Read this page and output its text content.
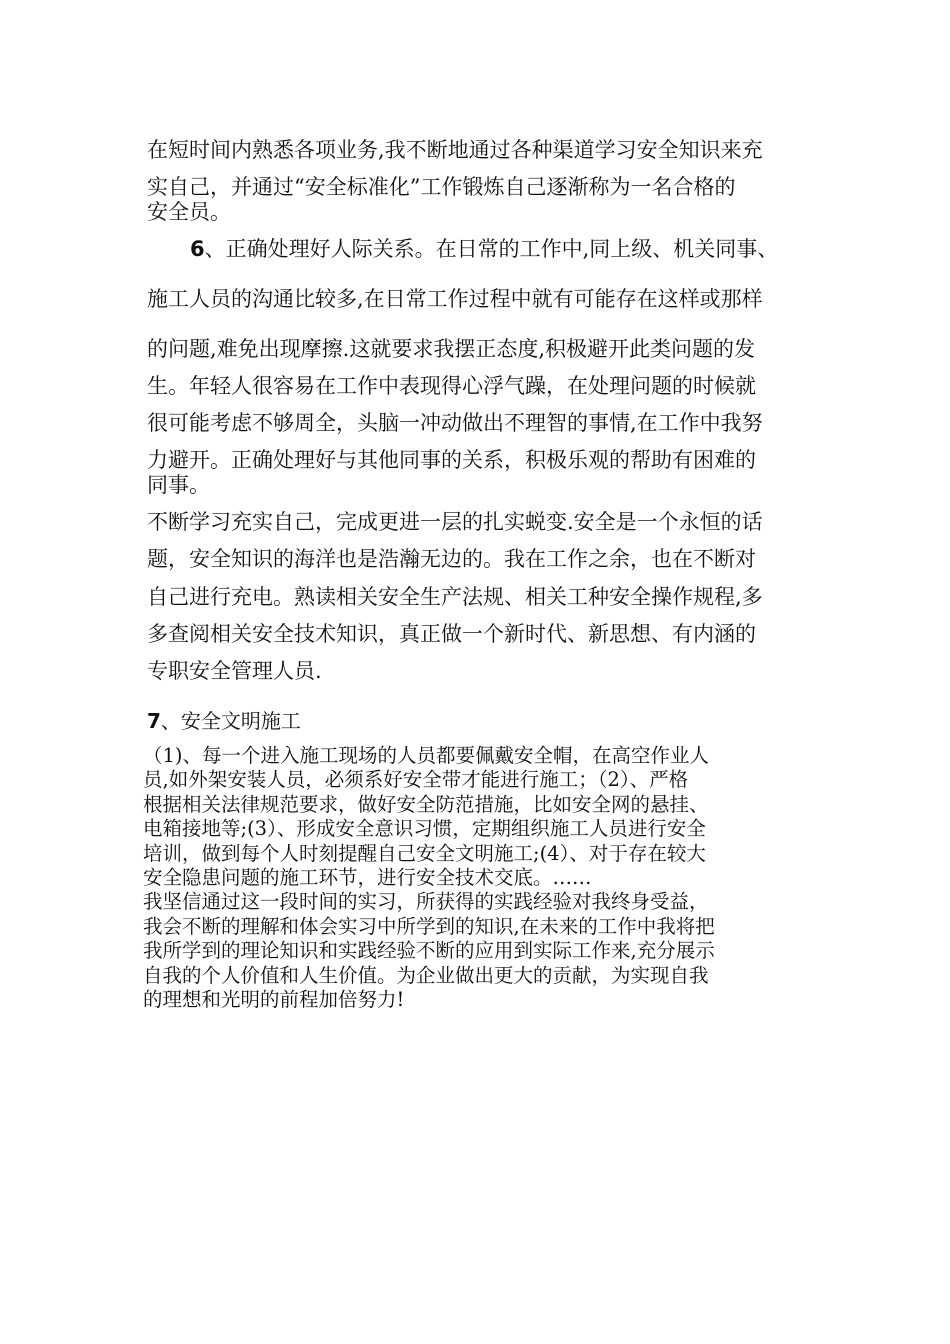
在短时间内熟悉各项业务,我不断地通过各种渠道学习安全知识来充

实自己，并通过“安全标准化”工作锻炼自己逐渐称为一名合格的

安全员。

6、正确处理好人际关系。在日常的工作中,同上级、机关同事、

施工人员的沟通比较多,在日常工作过程中就有可能存在这样或那样

的问题,难免出现摩擦.这就要求我摆正态度,积极避开此类问题的发

生。年轻人很容易在工作中表现得心浮气躁，在处理问题的时候就

很可能考虑不够周全，头脑一冲动做出不理智的事情,在工作中我努

力避开。正确处理好与其他同事的关系，积极乐观的帮助有困难的

同事。

不断学习充实自己，完成更进一层的扎实蜕变.安全是一个永恒的话

题，安全知识的海洋也是浩瀚无边的。我在工作之余，也在不断对

自己进行充电。熟读相关安全生产法规、相关工种安全操作规程,多

多查阅相关安全技术知识，真正做一个新时代、新思想、有内涵的

专职安全管理人员.

7、安全文明施工

（1)、每一个进入施工现场的人员都要佩戴安全帽，在高空作业人

员,如外架安装人员，必须系好安全带才能进行施工；（2）、严格

根据相关法律规范要求，做好安全防范措施，比如安全网的悬挂、

电箱接地等;(3）、形成安全意识习惯，定期组织施工人员进行安全

培训，做到每个人时刻提醒自己安全文明施工;(4）、对于存在较大

安全隐患问题的施工环节，进行安全技术交底。……

我坚信通过这一段时间的实习，所获得的实践经验对我终身受益，

我会不断的理解和体会实习中所学到的知识,在未来的工作中我将把

我所学到的理论知识和实践经验不断的应用到实际工作来,充分展示

自我的个人价值和人生价值。为企业做出更大的贡献，为实现自我

的理想和光明的前程加倍努力!
